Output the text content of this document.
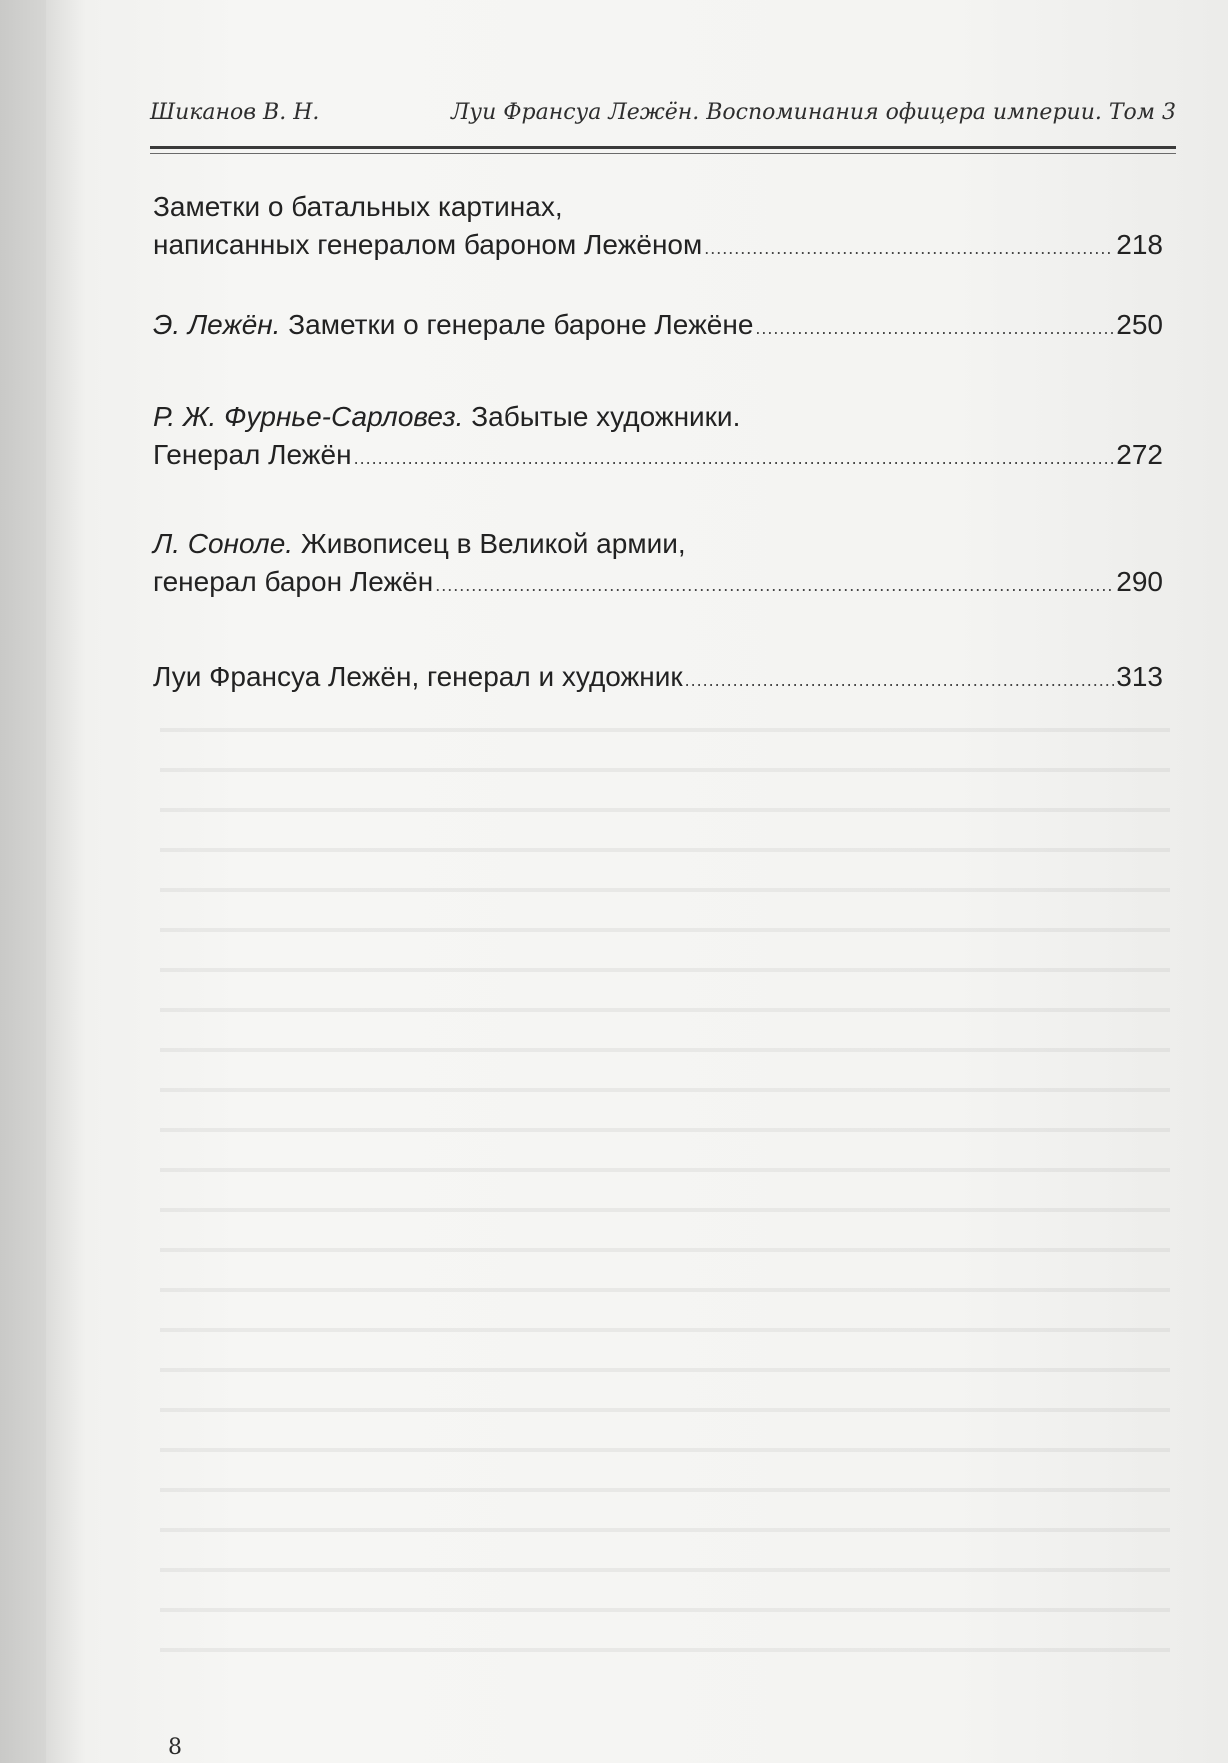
Шиканов В. Н.	Луи Франсуа Лежён. Воспоминания офицера империи. Том 3
Заметки о батальных картинах,
написанных генералом бароном Лежёном .....	218
Э. Лежён. Заметки о генерале бароне Лежёне .....	250
Р. Ж. Фурнье-Сарловез. Забытые художники.
Генерал Лежён .....	272
Л. Соноле. Живописец в Великой армии,
генерал барон Лежён .....	290
Луи Франсуа Лежён, генерал и художник .....	313
8
